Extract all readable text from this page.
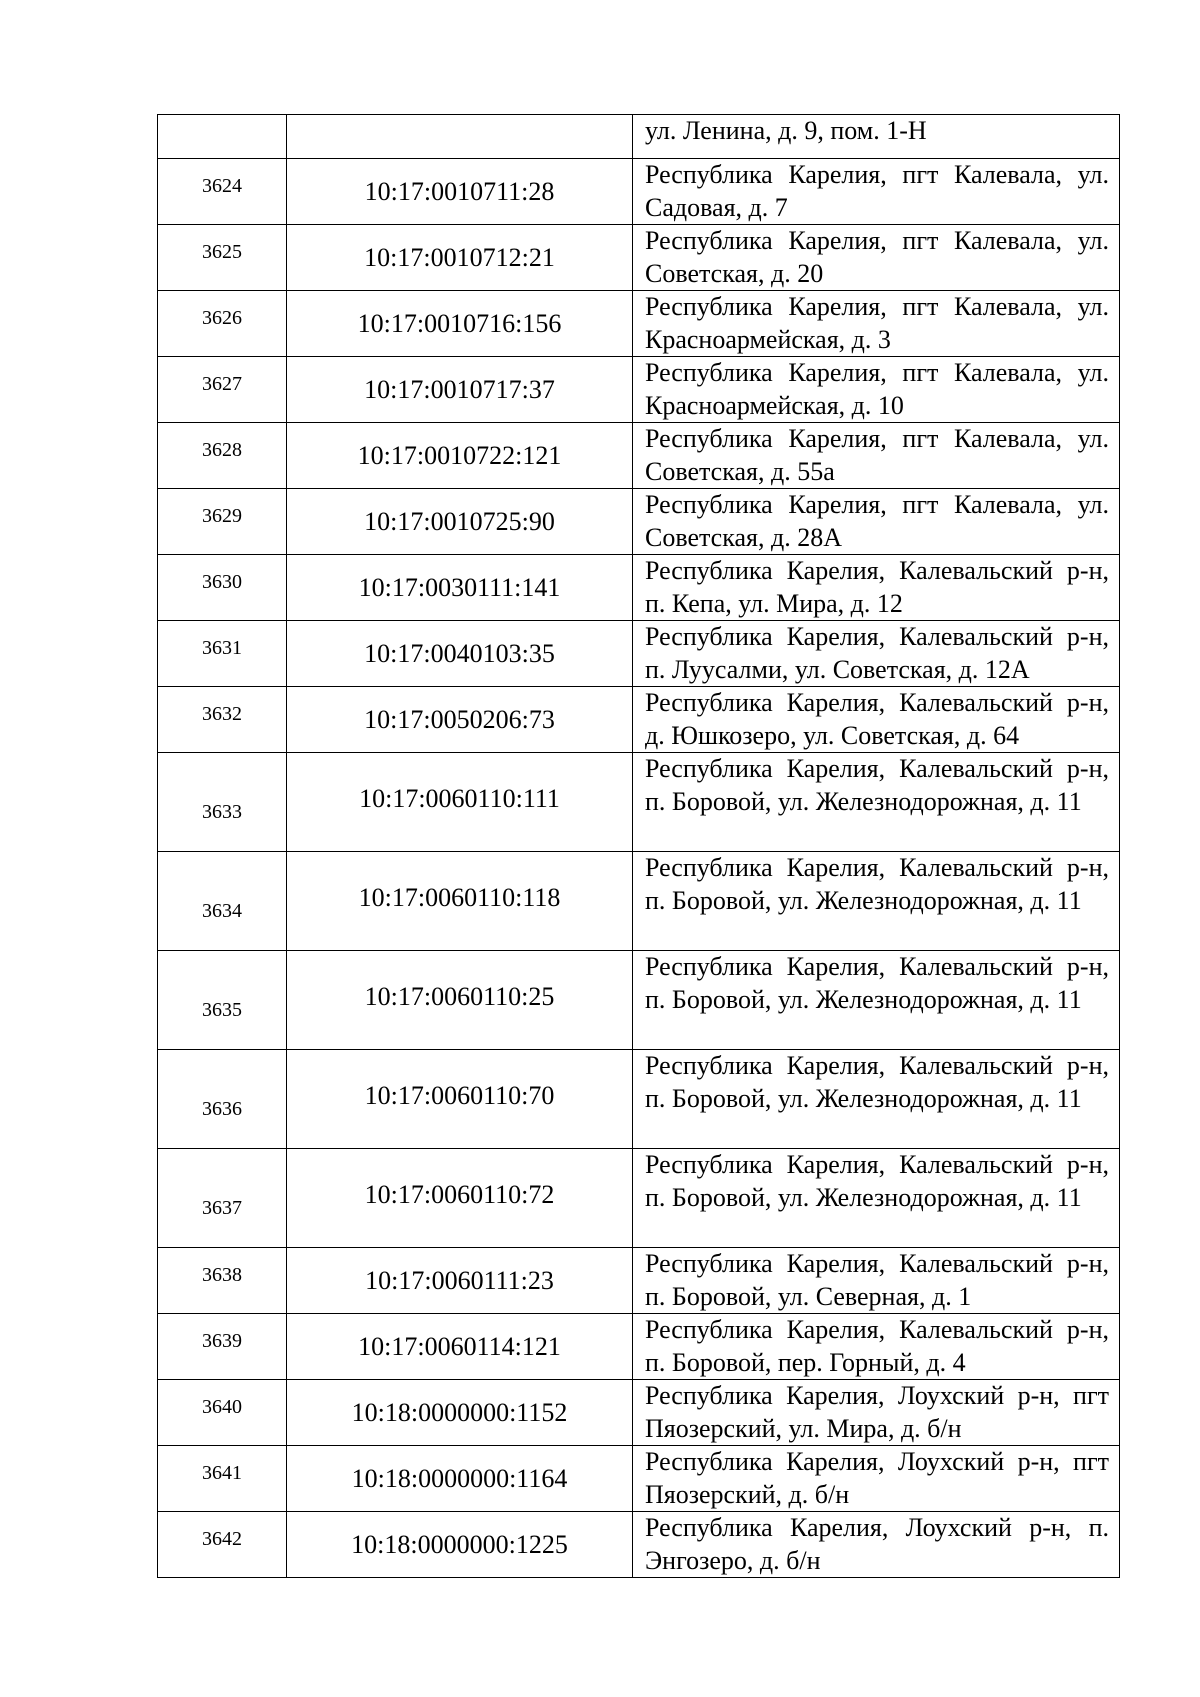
		ул. Ленина, д. 9, пом. 1-Н

3624	10:17:0010711:28	Республика Карелия, пгт Калевала, ул. Садовая, д. 7

3625	10:17:0010712:21	Республика Карелия, пгт Калевала, ул. Советская, д. 20

3626	10:17:0010716:156	Республика Карелия, пгт Калевала, ул. Красноармейская, д. 3

3627	10:17:0010717:37	Республика Карелия, пгт Калевала, ул. Красноармейская, д. 10

3628	10:17:0010722:121	Республика Карелия, пгт Калевала, ул. Советская, д. 55а

3629	10:17:0010725:90	Республика Карелия, пгт Калевала, ул. Советская, д. 28А

3630	10:17:0030111:141	Республика Карелия, Калевальский р-н, п. Кепа, ул. Мира, д. 12

3631	10:17:0040103:35	Республика Карелия, Калевальский р-н, п. Луусалми, ул. Советская, д. 12А

3632	10:17:0050206:73	Республика Карелия, Калевальский р-н, д. Юшкозеро, ул. Советская, д. 64

3633	10:17:0060110:111	Республика Карелия, Калевальский р-н, п. Боровой, ул. Железнодорожная, д. 11

3634	10:17:0060110:118	Республика Карелия, Калевальский р-н, п. Боровой, ул. Железнодорожная, д. 11

3635	10:17:0060110:25	Республика Карелия, Калевальский р-н, п. Боровой, ул. Железнодорожная, д. 11

3636	10:17:0060110:70	Республика Карелия, Калевальский р-н, п. Боровой, ул. Железнодорожная, д. 11

3637	10:17:0060110:72	Республика Карелия, Калевальский р-н, п. Боровой, ул. Железнодорожная, д. 11

3638	10:17:0060111:23	Республика Карелия, Калевальский р-н, п. Боровой, ул. Северная, д. 1

3639	10:17:0060114:121	Республика Карелия, Калевальский р-н, п. Боровой, пер. Горный, д. 4

3640	10:18:0000000:1152	Республика Карелия, Лоухский р-н, пгт Пяозерский, ул. Мира, д. б/н

3641	10:18:0000000:1164	Республика Карелия, Лоухский р-н, пгт Пяозерский, д. б/н

3642	10:18:0000000:1225	Республика Карелия, Лоухский р-н, п. Энгозеро, д. б/н
